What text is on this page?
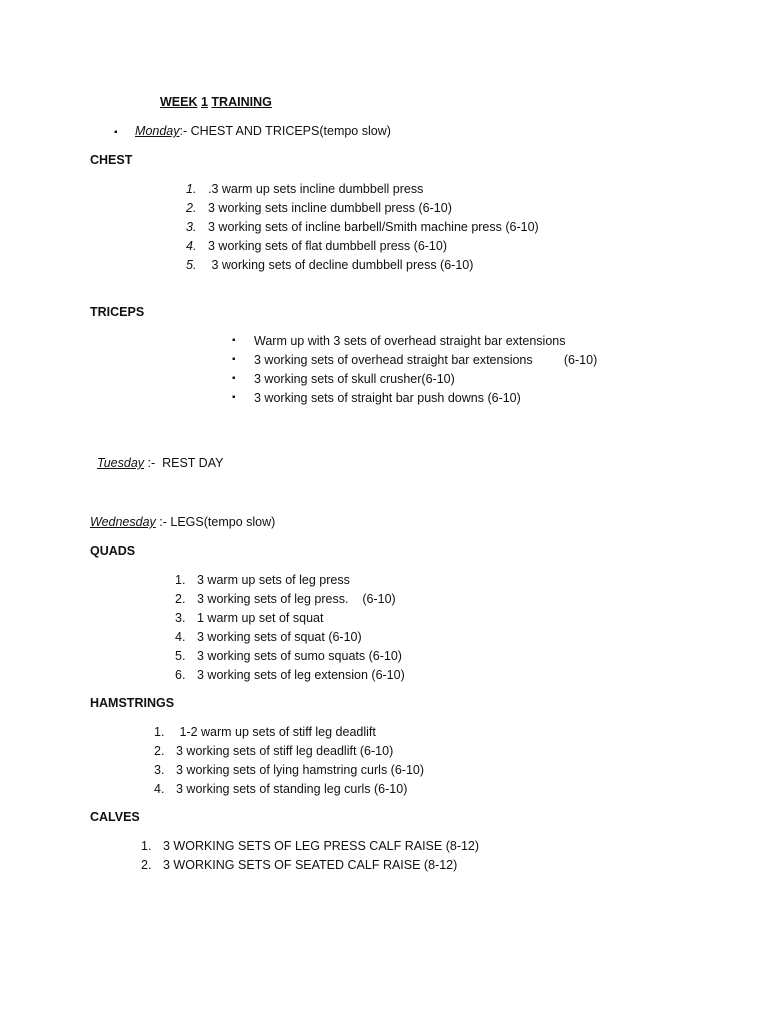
WEEK 1 TRAINING
▪ Monday:- CHEST AND TRICEPS(tempo slow)
CHEST
1. .3 warm up sets incline dumbbell press
2. 3 working sets incline dumbbell press (6-10)
3. 3 working sets of incline barbell/Smith machine press (6-10)
4. 3 working sets of flat dumbbell press (6-10)
5. 3 working sets of decline dumbbell press (6-10)
TRICEPS
▪ Warm up with 3 sets of overhead straight bar extensions
▪ 3 working sets of overhead straight bar extensions         (6-10)
▪ 3 working sets of skull crusher(6-10)
▪ 3 working sets of straight bar push downs (6-10)
Tuesday :-  REST DAY
Wednesday :- LEGS(tempo slow)
QUADS
1. 3 warm up sets of leg press
2. 3 working sets of leg press.    (6-10)
3. 1 warm up set of squat
4. 3 working sets of squat (6-10)
5. 3 working sets of sumo squats (6-10)
6. 3 working sets of leg extension (6-10)
HAMSTRINGS
1. 1-2 warm up sets of stiff leg deadlift
2. 3 working sets of stiff leg deadlift (6-10)
3. 3 working sets of lying hamstring curls (6-10)
4. 3 working sets of standing leg curls (6-10)
CALVES
1. 3 WORKING SETS OF LEG PRESS CALF RAISE (8-12)
2. 3 WORKING SETS OF SEATED CALF RAISE (8-12)
